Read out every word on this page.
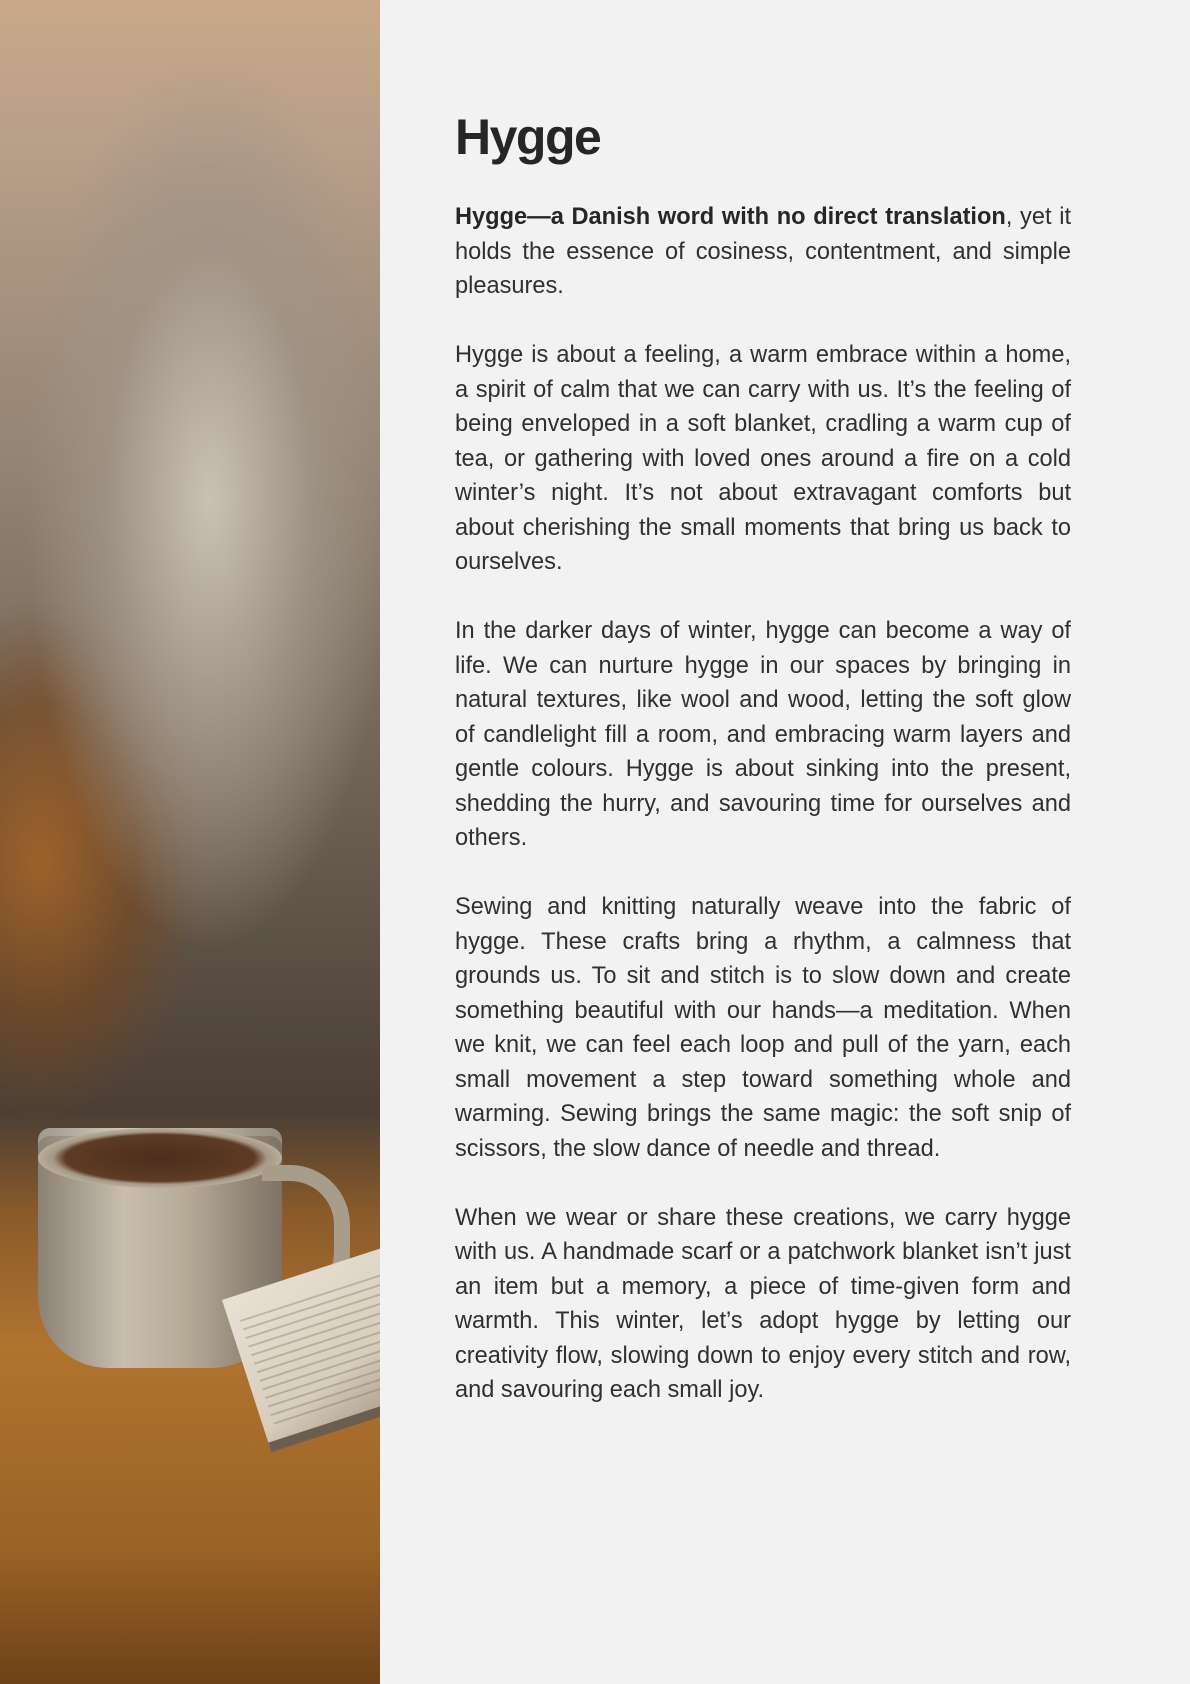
Hygge

Hygge—a Danish word with no direct translation, yet it holds the essence of cosiness, contentment, and simple pleasures.

Hygge is about a feeling, a warm embrace within a home, a spirit of calm that we can carry with us. It’s the feeling of being enveloped in a soft blanket, cradling a warm cup of tea, or gathering with loved ones around a fire on a cold winter’s night. It’s not about extravagant comforts but about cherishing the small moments that bring us back to ourselves.

In the darker days of winter, hygge can become a way of life. We can nurture hygge in our spaces by bringing in natural textures, like wool and wood, letting the soft glow of candlelight fill a room, and embracing warm layers and gentle colours. Hygge is about sinking into the present, shedding the hurry, and savouring time for ourselves and others.

Sewing and knitting naturally weave into the fabric of hygge. These crafts bring a rhythm, a calmness that grounds us. To sit and stitch is to slow down and create something beautiful with our hands—a meditation. When we knit, we can feel each loop and pull of the yarn, each small movement a step toward something whole and warming. Sewing brings the same magic: the soft snip of scissors, the slow dance of needle and thread.

When we wear or share these creations, we carry hygge with us. A handmade scarf or a patchwork blanket isn’t just an item but a memory, a piece of time-given form and warmth. This winter, let’s adopt hygge by letting our creativity flow, slowing down to enjoy every stitch and row, and savouring each small joy.
